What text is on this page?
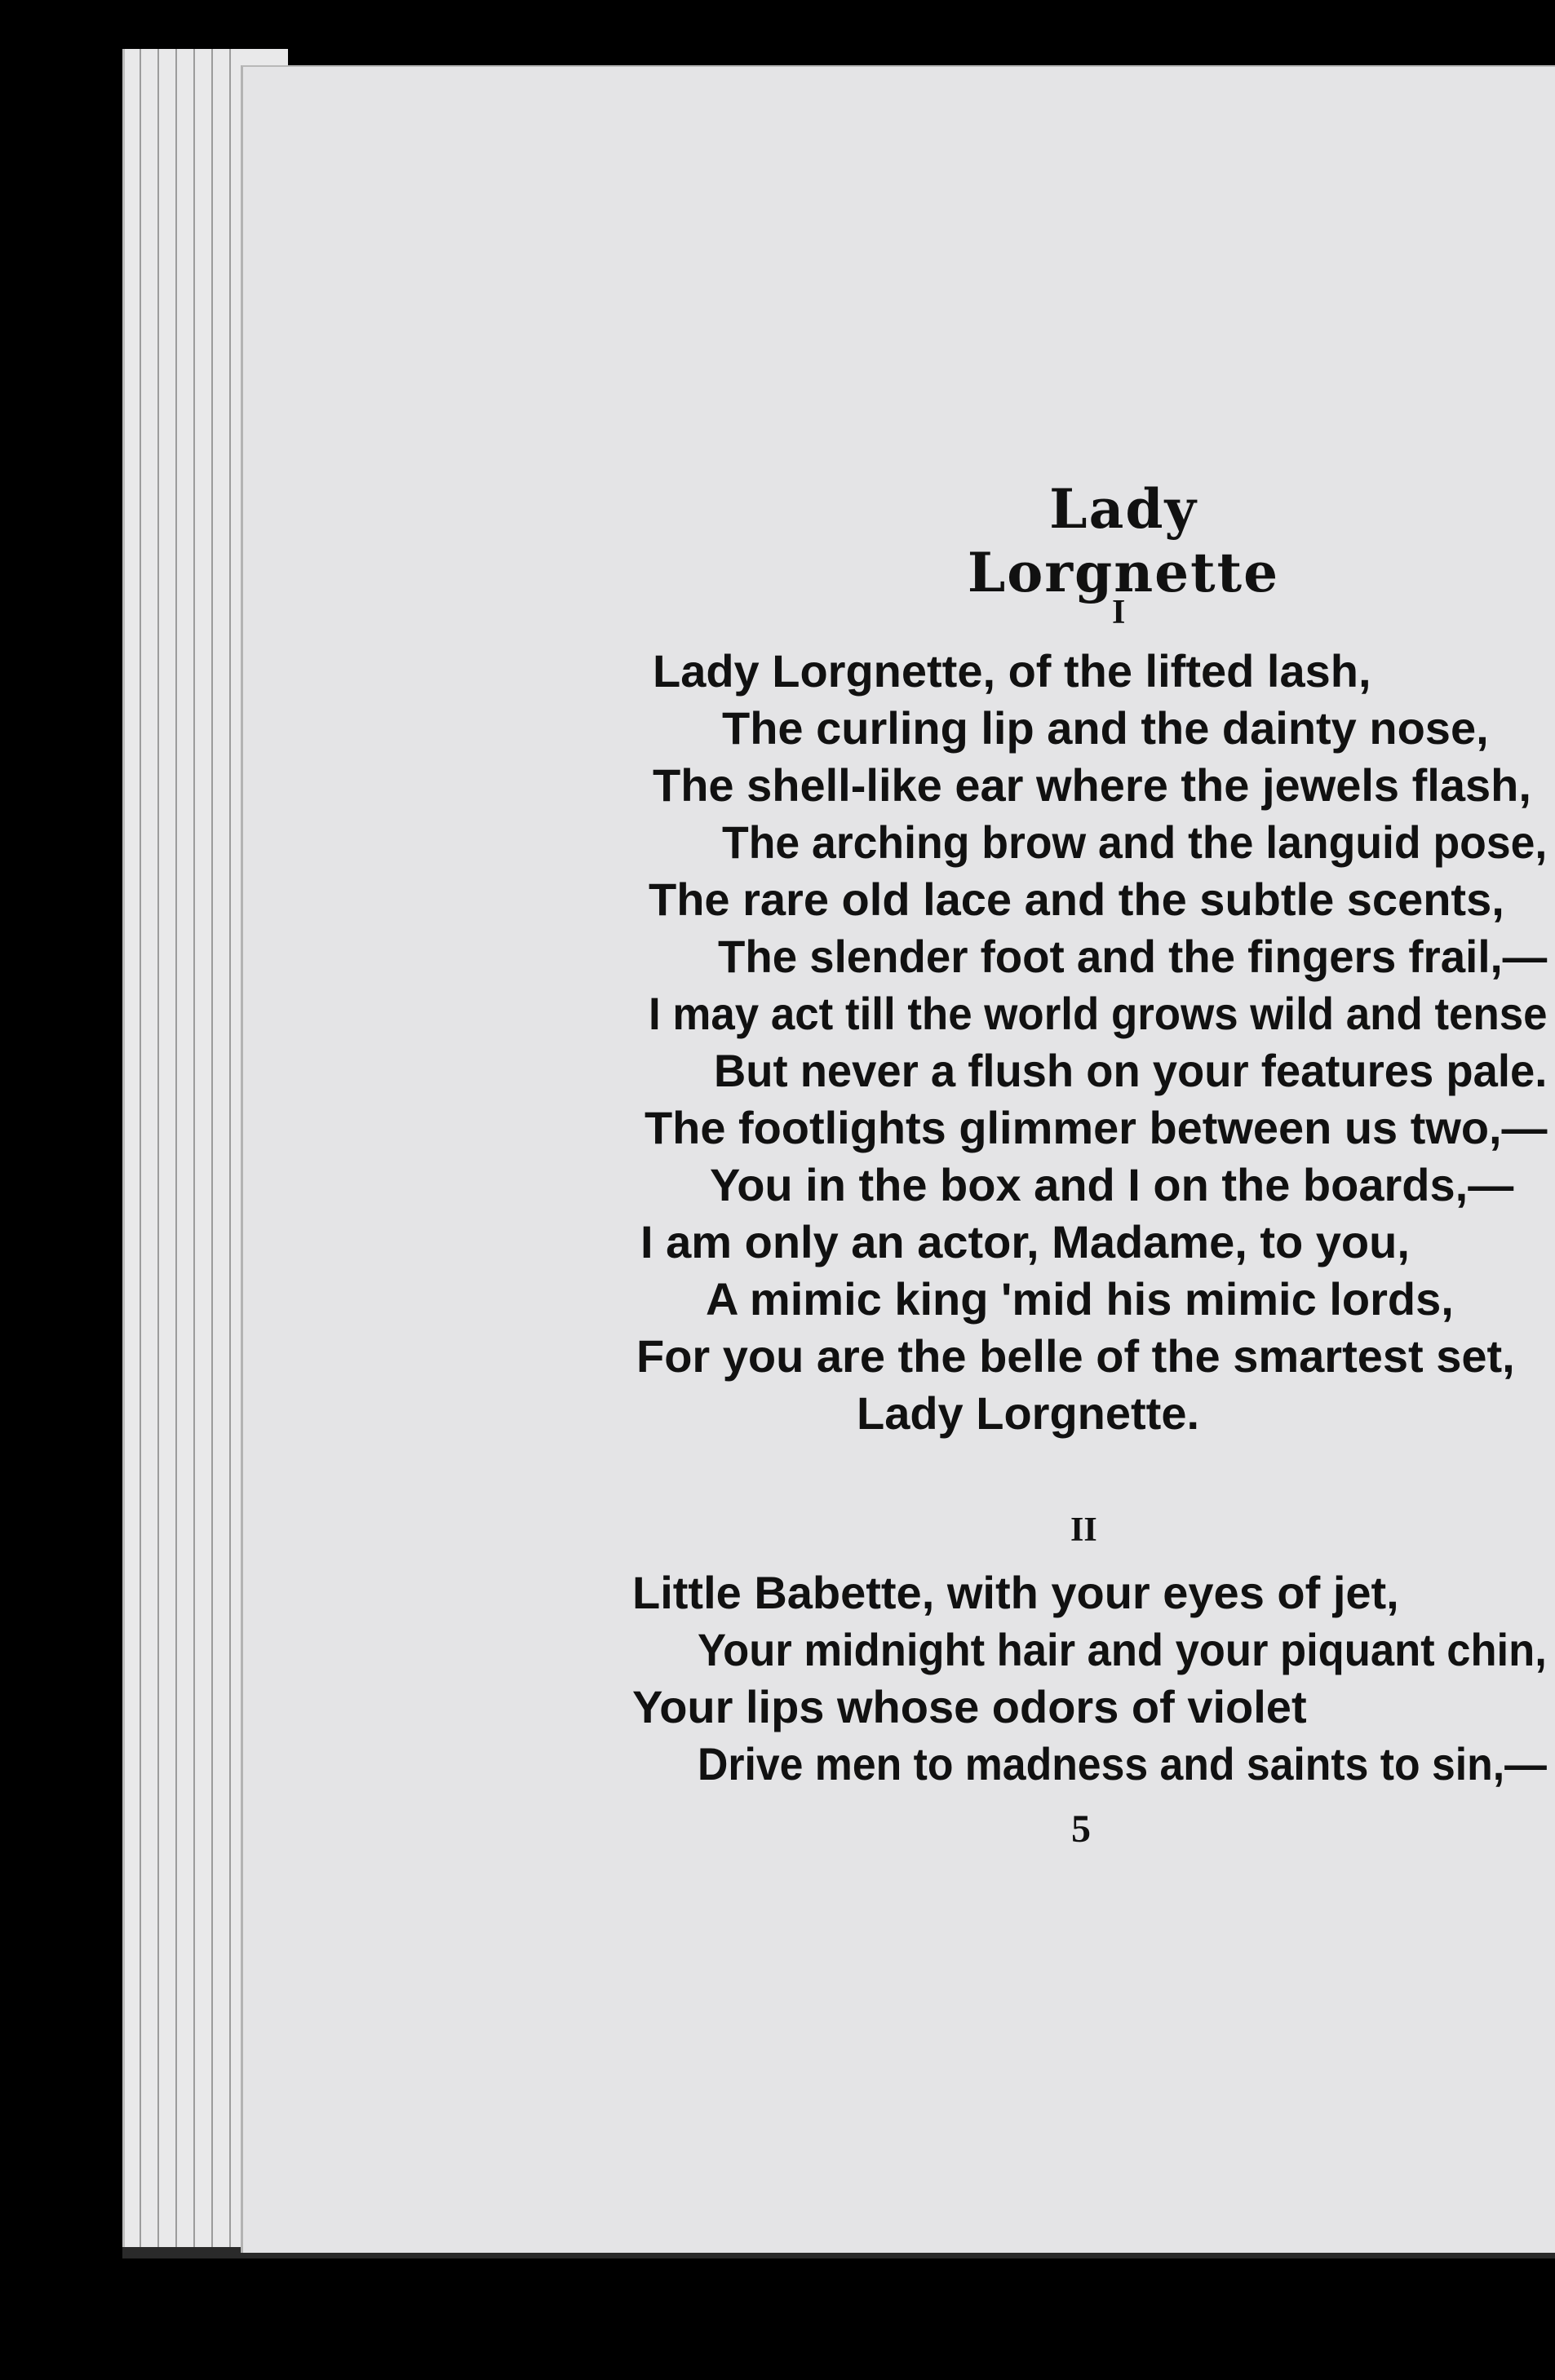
Lady Lorgnette
I
Lady Lorgnette, of the lifted lash,
The curling lip and the dainty nose,
The shell-like ear where the jewels flash,
The arching brow and the languid pose,
The rare old lace and the subtle scents,
The slender foot and the fingers frail,—
I may act till the world grows wild and tense
But never a flush on your features pale.
The footlights glimmer between us two,—
You in the box and I on the boards,—
I am only an actor, Madame, to you,
A mimic king 'mid his mimic lords,
For you are the belle of the smartest set,
Lady Lorgnette.
II
Little Babette, with your eyes of jet,
Your midnight hair and your piquant chin,
Your lips whose odors of violet
Drive men to madness and saints to sin,—
5
